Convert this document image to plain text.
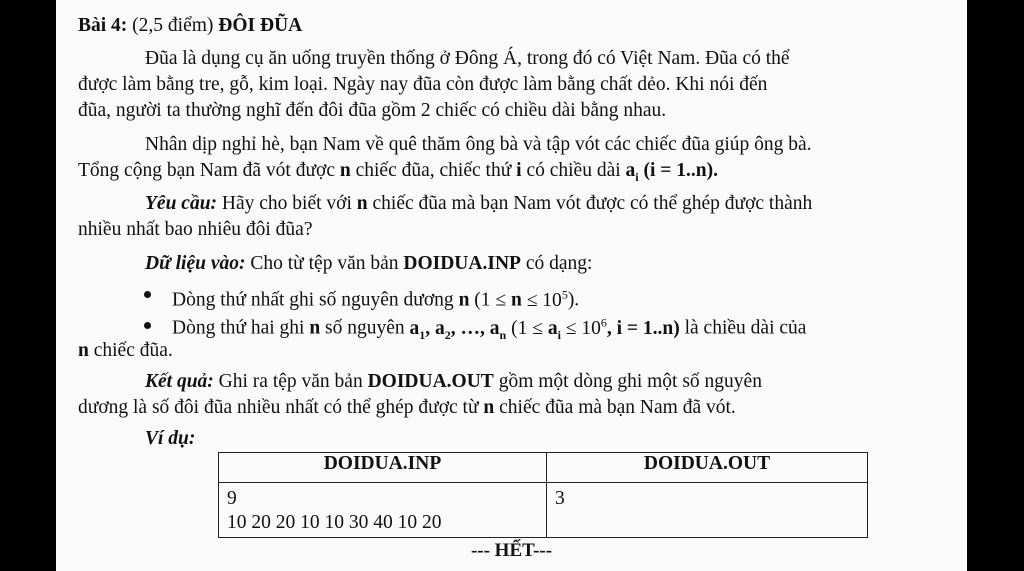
Bài 4: (2,5 điểm) ĐÔI ĐŨA
Đũa là dụng cụ ăn uống truyền thống ở Đông Á, trong đó có Việt Nam. Đũa có thể
được làm bằng tre, gỗ, kim loại. Ngày nay đũa còn được làm bằng chất dẻo. Khi nói đến
đũa, người ta thường nghĩ đến đôi đũa gồm 2 chiếc có chiều dài bằng nhau.
Nhân dịp nghỉ hè, bạn Nam về quê thăm ông bà và tập vót các chiếc đũa giúp ông bà.
Tổng cộng bạn Nam đã vót được n chiếc đũa, chiếc thứ i có chiều dài $a_i$ (i = 1..n).
Yêu cầu: Hãy cho biết với n chiếc đũa mà bạn Nam vót được có thể ghép được thành
nhiều nhất bao nhiêu đôi đũa?
Dữ liệu vào: Cho từ tệp văn bản DOIDUA.INP có dạng:
Dòng thứ nhất ghi số nguyên dương n $(1 \le n \le 10^5)$.
Dòng thứ hai ghi n số nguyên $a_1$, $a_2$, …, $a_n$ ($1 \le a_i \le 10^6$, i = 1..n) là chiều dài của
n chiếc đũa.
Kết quả: Ghi ra tệp văn bản DOIDUA.OUT gồm một dòng ghi một số nguyên
dương là số đôi đũa nhiều nhất có thể ghép được từ n chiếc đũa mà bạn Nam đã vót.
Ví dụ:
DOIDUA.INP	DOIDUA.OUT

9
10 20 20 10 10 30 40 10 20	3
--- HẾT---
